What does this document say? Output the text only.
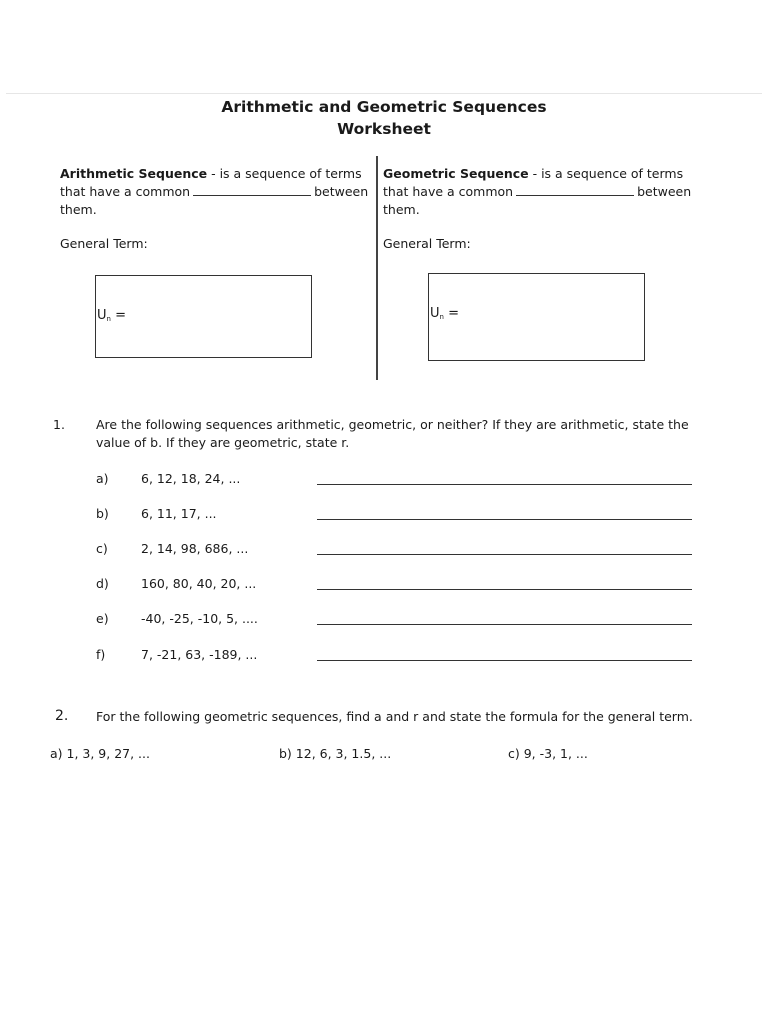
Arithmetic and Geometric Sequences
Worksheet
Arithmetic Sequence - is a sequence of terms
that have a common	between
them.
General Term:
$U_n$ =
Geometric Sequence - is a sequence of terms
that have a common	between
them.
General Term:
$U_n$ =
1. Are the following sequences arithmetic, geometric, or neither? If they are arithmetic, state the
value of b. If they are geometric, state r.
a)	6, 12, 18, 24, ...
b)	6, 11, 17, ...
c)	2, 14, 98, 686, ...
d)	160, 80, 40, 20, ...
e)	-40, -25, -10, 5, ....
f)	7, -21, 63, -189, ...
2. For the following geometric sequences, find a and r and state the formula for the general term.
a) 1, 3, 9, 27, ...	b) 12, 6, 3, 1.5, ...	c) 9, -3, 1, ...
